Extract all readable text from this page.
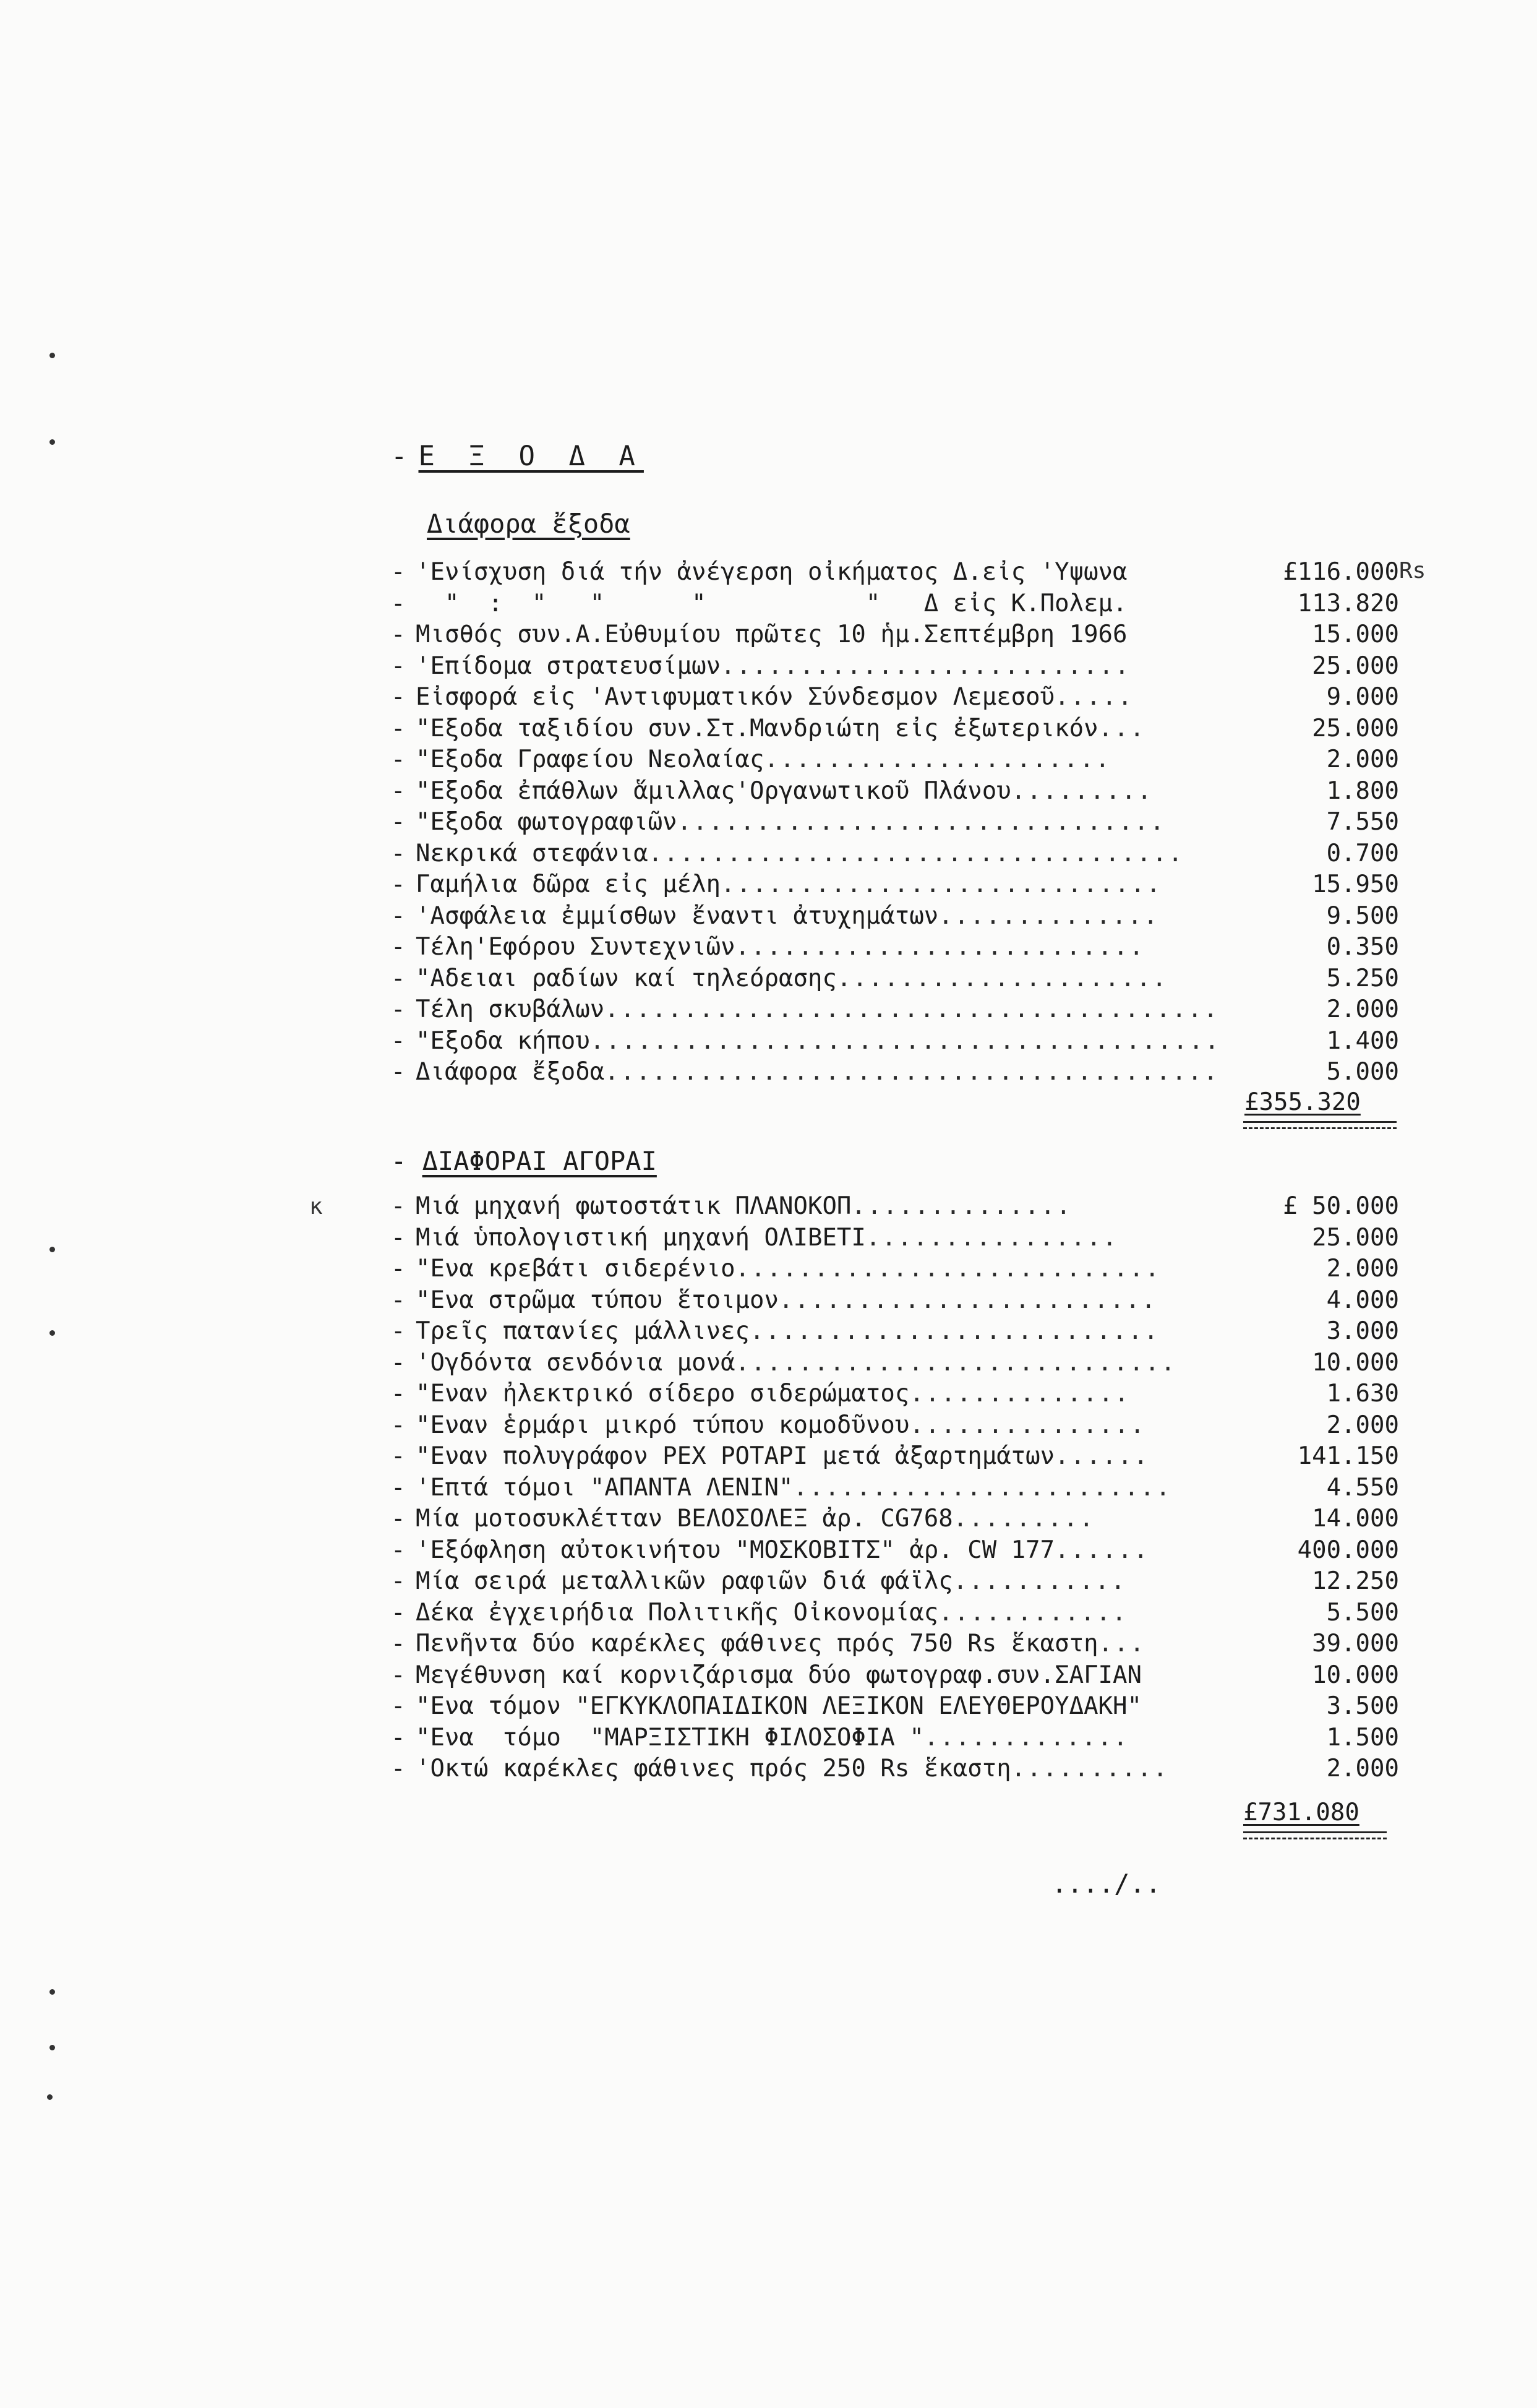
- Ε Ξ Ο Δ Α
Διάφορα ἔξοδα
- 'Ενίσχυση διά τήν ἀνέγερση οἰκήματος Δ.εἰς 'Υψωνα	£116.000
- "  :  "   "      "           "   Δ εἰς Κ.Πολεμ.	113.820
- Μισθός συν.Α.Εὐθυμίου πρῶτες 10 ἡμ.Σεπτέμβρη 1966	15.000
- 'Επίδομα στρατευσίμων..........................	25.000
- Εἰσφορά εἰς 'Αντιφυματικόν Σύνδεσμον Λεμεσοῦ.....	9.000
- "Εξοδα ταξιδίου συν.Στ.Μανδριώτη εἰς ἐξωτερικόν...	25.000
- "Εξοδα Γραφείου Νεολαίας......................	2.000
- "Εξοδα ἐπάθλων ἅμιλλας'Οργανωτικοῦ Πλάνου.........	1.800
- "Εξοδα φωτογραφιῶν...............................	7.550
- Νεκρικά στεφάνια..................................	0.700
- Γαμήλια δῶρα εἰς μέλη............................	15.950
- 'Ασφάλεια ἐμμίσθων ἔναντι ἀτυχημάτων..............	9.500
- Τέλη'Εφόρου Συντεχνιῶν..........................	0.350
- "Αδειαι ραδίων καί τηλεόρασης.....................	5.250
- Τέλη σκυβάλων.......................................	2.000
- "Εξοδα κήπου........................................	1.400
- Διάφορα ἔξοδα.......................................	5.000
Rs
£355.320
- ΔΙΑΦΟΡΑΙ ΑΓΟΡΑΙ
κ	- Μιά μηχανή φωτοστάτικ ΠΛΑΝΟΚΟΠ..............	£ 50.000
- Μιά ὑπολογιστική μηχανή ΟΛΙΒΕΤΙ................	25.000
- "Ενα κρεβάτι σιδερένιο...........................	2.000
- "Ενα στρῶμα τύπου ἕτοιμον........................	4.000
- Τρεῖς πατανίες μάλλινες..........................	3.000
- 'Ογδόντα σενδόνια μονά............................	10.000
- "Εναν ἠλεκτρικό σίδερο σιδερώματος..............	1.630
- "Εναν ἑρμάρι μικρό τύπου κομοδῦνου...............	2.000
- "Εναν πολυγράφον ΡΕΧ ΡΟΤΑΡΙ μετά ἀξαρτημάτων......	141.150
- 'Επτά τόμοι "ΑΠΑΝΤΑ ΛΕΝΙΝ"........................	4.550
- Μία μοτοσυκλέτταν ΒΕΛΟΣΟΛΕΞ ἀρ. CG768.........	14.000
- 'Εξόφληση αὐτοκινήτου "ΜΟΣΚΟΒΙΤΣ" ἀρ. CW 177......	400.000
- Μία σειρά μεταλλικῶν ραφιῶν διά φάϊλς...........	12.250
- Δέκα ἐγχειρήδια Πολιτικῆς Οἰκονομίας............	5.500
- Πενῆντα δύο καρέκλες φάθινες πρός 750 Rs ἕκαστη...	39.000
- Μεγέθυνση καί κορνιζάρισμα δύο φωτογραφ.συν.ΣΑΓΙΑΝ	10.000
- "Ενα τόμον "ΕΓΚΥΚΛΟΠΑΙΔΙΚΟΝ ΛΕΞΙΚΟΝ ΕΛΕΥΘΕΡΟΥΔΑΚΗ"	3.500
- "Ενα  τόμο  "ΜΑΡΞΙΣΤΙΚΗ ΦΙΛΟΣΟΦΙΑ ".............	1.500
- 'Οκτώ καρέκλες φάθινες πρός 250 Rs ἕκαστη..........	2.000
£731.080
..../..
